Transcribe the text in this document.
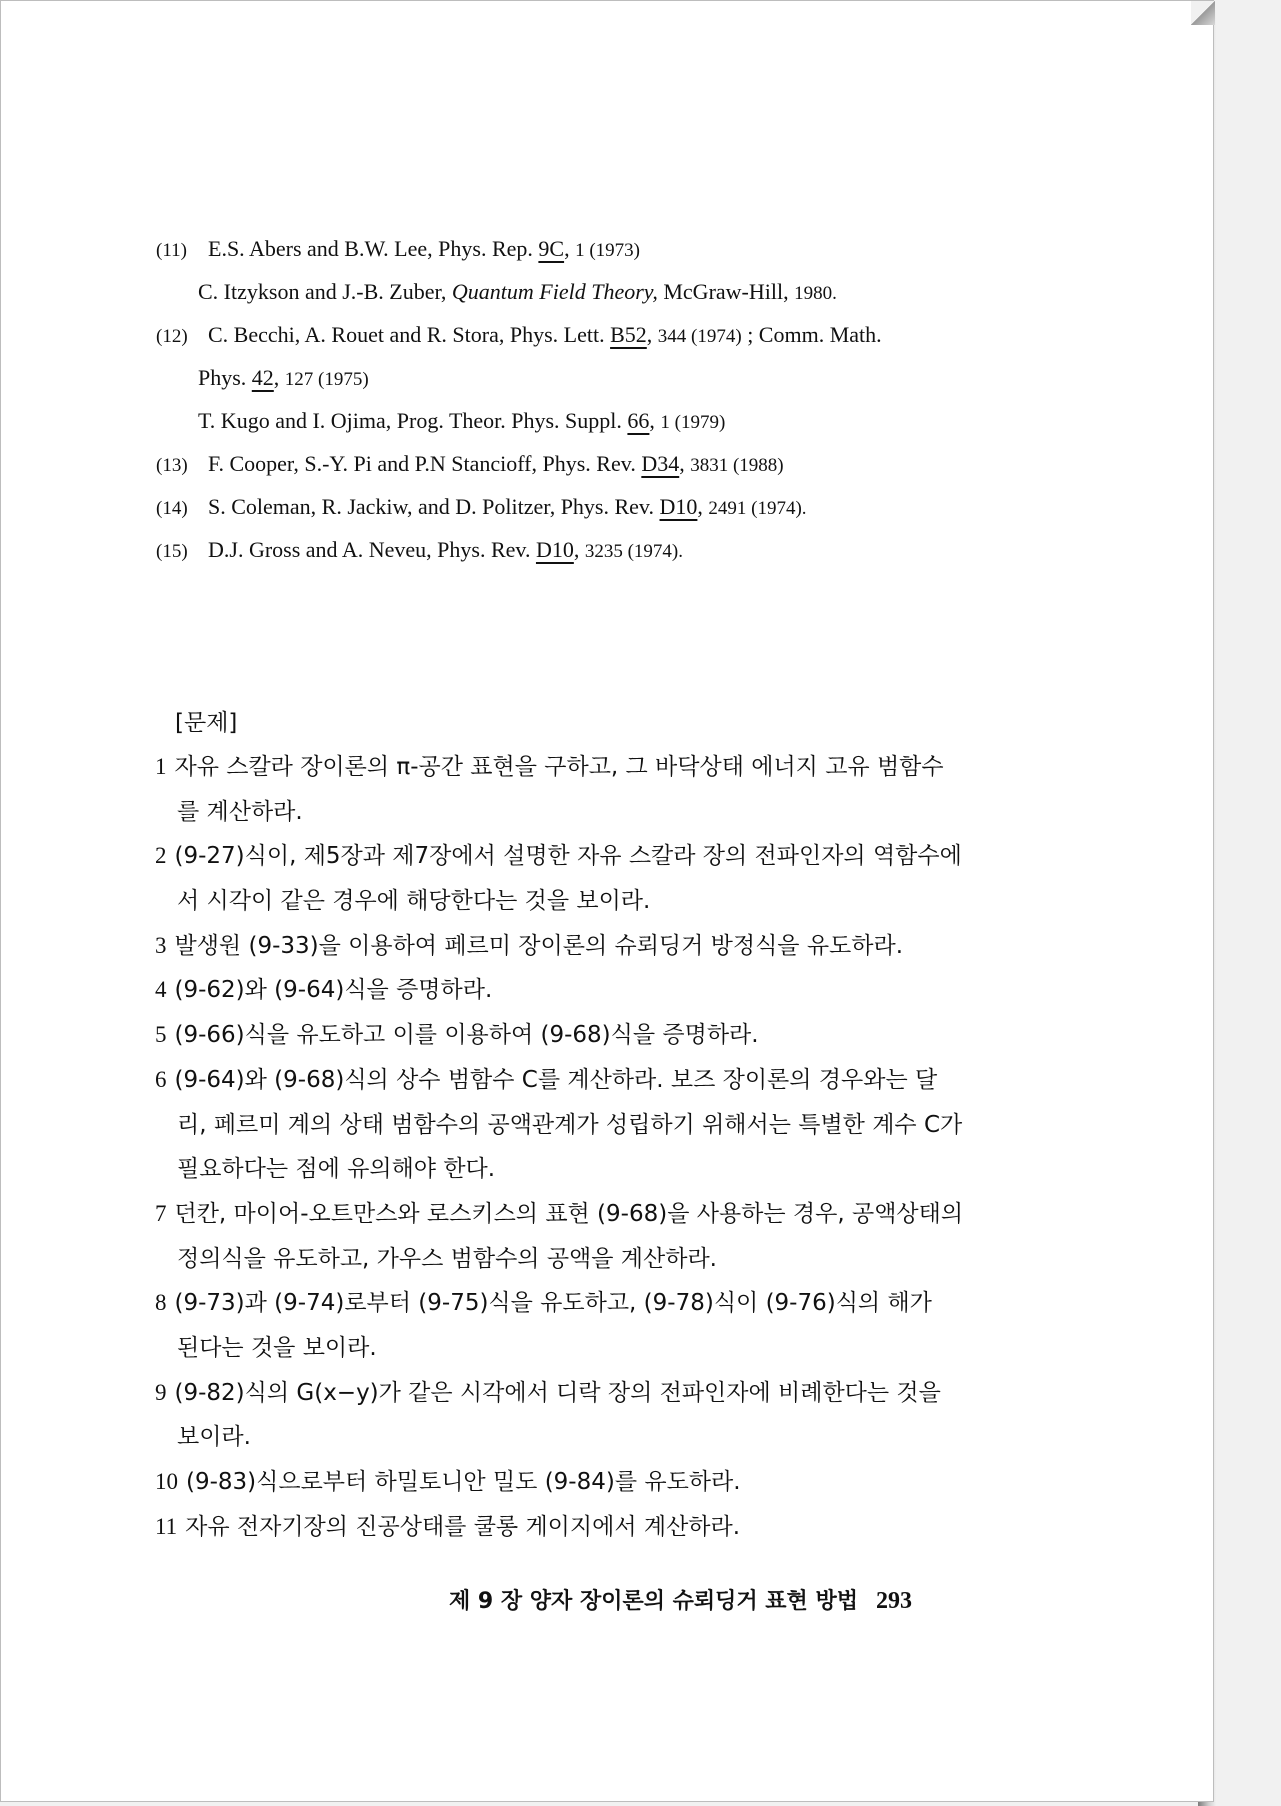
(11) E.S. Abers and B.W. Lee, Phys. Rep. 9C, 1 (1973)
C. Itzykson and J.-B. Zuber, Quantum Field Theory, McGraw-Hill, 1980.
(12) C. Becchi, A. Rouet and R. Stora, Phys. Lett. B52, 344 (1974) ; Comm. Math.
Phys. 42, 127 (1975)
T. Kugo and I. Ojima, Prog. Theor. Phys. Suppl. 66, 1 (1979)
(13) F. Cooper, S.-Y. Pi and P.N Stancioff, Phys. Rev. D34, 3831 (1988)
(14) S. Coleman, R. Jackiw, and D. Politzer, Phys. Rev. D10, 2491 (1974).
(15) D.J. Gross and A. Neveu, Phys. Rev. D10, 3235 (1974).
[문제]
1 자유 스칼라 장이론의 π-공간 표현을 구하고, 그 바닥상태 에너지 고유 범함수
를 계산하라.
2 (9-27)식이, 제5장과 제7장에서 설명한 자유 스칼라 장의 전파인자의 역함수에
서 시각이 같은 경우에 해당한다는 것을 보이라.
3 발생원 (9-33)을 이용하여 페르미 장이론의 슈뢰딩거 방정식을 유도하라.
4 (9-62)와 (9-64)식을 증명하라.
5 (9-66)식을 유도하고 이를 이용하여 (9-68)식을 증명하라.
6 (9-64)와 (9-68)식의 상수 범함수 C를 계산하라. 보즈 장이론의 경우와는 달
리, 페르미 계의 상태 범함수의 공액관계가 성립하기 위해서는 특별한 계수 C가
필요하다는 점에 유의해야 한다.
7 던칸, 마이어-오트만스와 로스키스의 표현 (9-68)을 사용하는 경우, 공액상태의
정의식을 유도하고, 가우스 범함수의 공액을 계산하라.
8 (9-73)과 (9-74)로부터 (9-75)식을 유도하고, (9-78)식이 (9-76)식의 해가
된다는 것을 보이라.
9 (9-82)식의 G(x−y)가 같은 시각에서 디락 장의 전파인자에 비례한다는 것을
보이라.
10 (9-83)식으로부터 하밀토니안 밀도 (9-84)를 유도하라.
11 자유 전자기장의 진공상태를 쿨롱 게이지에서 계산하라.
제 9 장 양자 장이론의 슈뢰딩거 표현 방법 293
